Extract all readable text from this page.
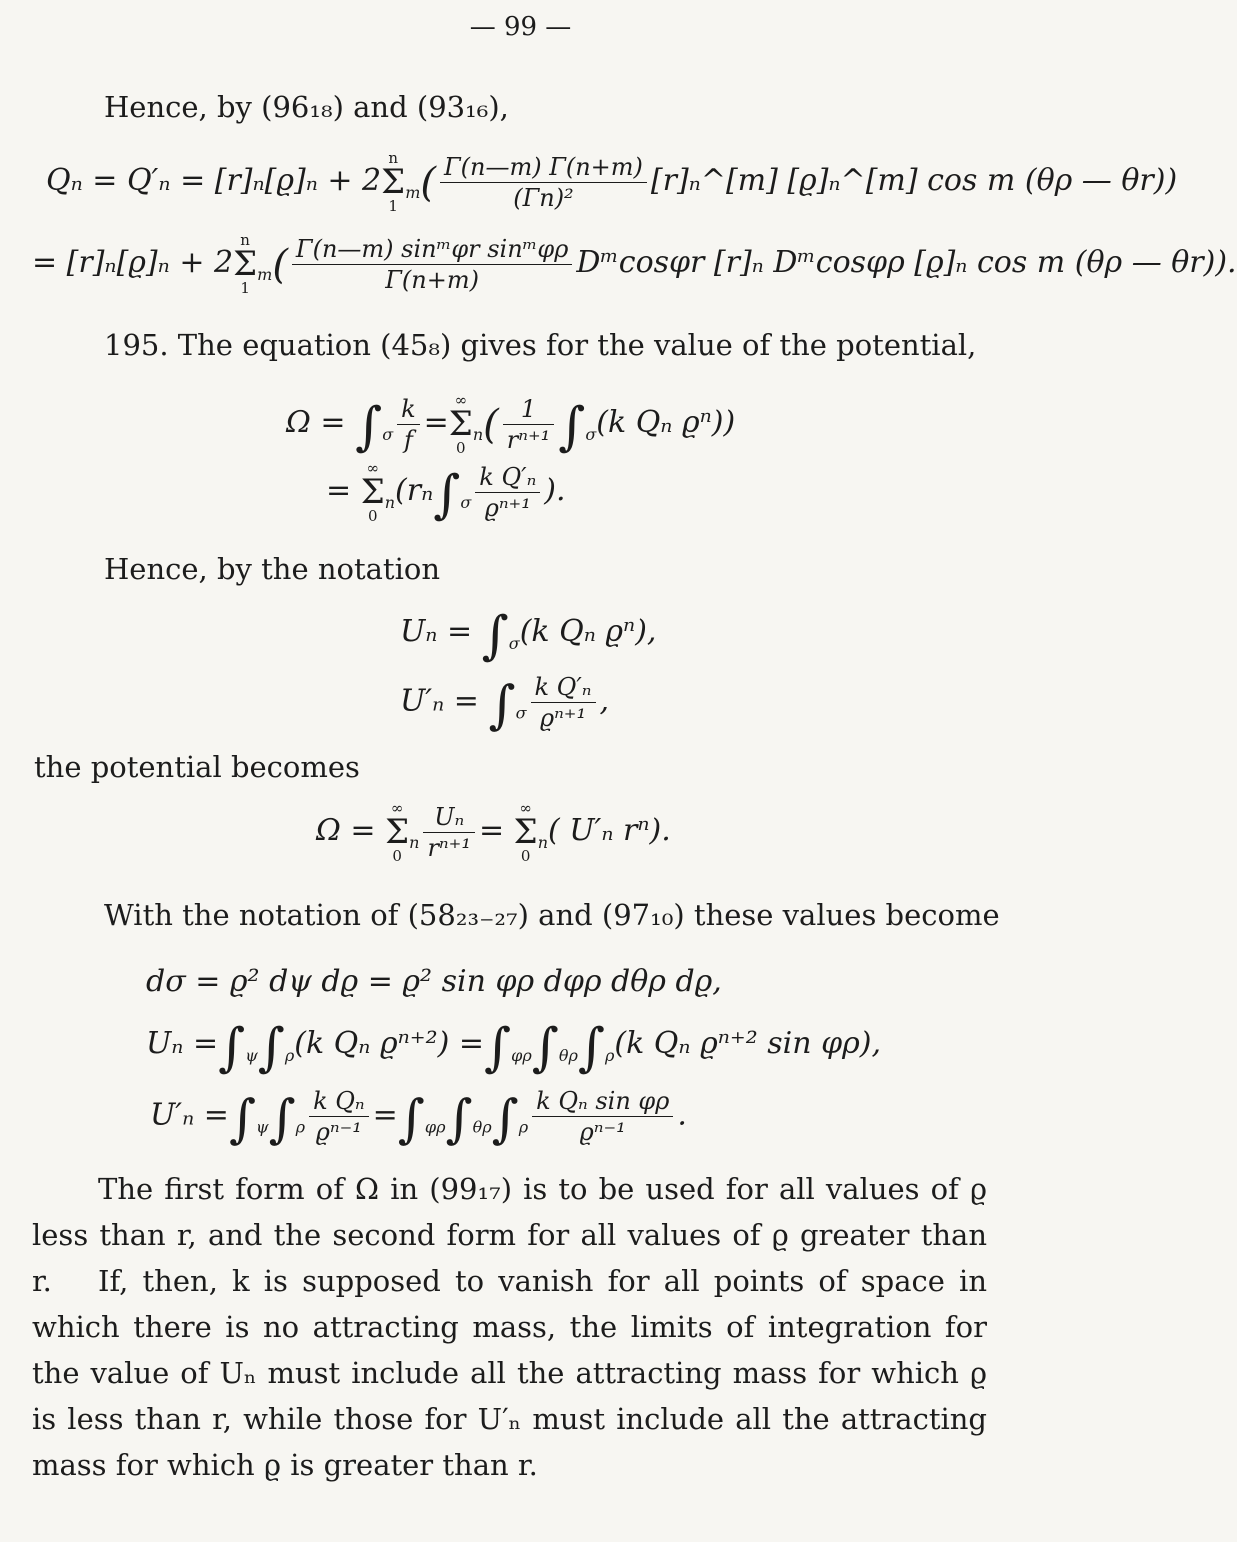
— 99 —
Hence, by (96₁₈) and (93₁₆),
Qₙ = Q′ₙ = [r]ₙ[ϱ]ₙ + 2
n
Σ
1
$_m( \frac{\Gamma(n—m) \Gamma(n+m)}{\text{(Γn)²}}$ [r]ₙ^[m] [ϱ]ₙ^[m] cos m (θρ — θr))
= [r]ₙ[ϱ]ₙ + 2
n
Σ
1
$_m( \frac{\text{Γ(n—m) sinᵐφr sinᵐφρ}}{\Gamma(n+m)}$ Dᵐcosφr [r]ₙ Dᵐcosφρ [ϱ]ₙ cos m (θρ — θr)).
195. The equation (45₈) gives for the value of the potential,
$\Omega = \int_\sigma \frac{k}{f}$ =
∞
Σ
0
$_n( \frac{1}{\text{rⁿ⁺¹}} \int_\sigma(k$ Qₙ ϱⁿ))
=
∞
Σ
0
$_n(r_n\int_\sigma \frac{\text{k Q′ₙ}}{\text{ϱⁿ⁺¹}}$ ).
Hence, by the notation
$U_n = \int_\sigma(k$ Qₙ ϱⁿ),
$U'_n = \int_\sigma \frac{\text{k Q′ₙ}}{\text{ϱⁿ⁺¹}}$ ,
the potential becomes
Ω =
∞
Σ
0
$_n \frac{\text{Uₙ}}{\text{rⁿ⁺¹}}$ =
∞
Σ
0
$_n$( U′ₙ rⁿ).
With the notation of (58₂₃₋₂₇) and (97₁₀) these values become
dσ = ϱ² dψ dϱ = ϱ² sin φρ dφρ dθρ dϱ,
$U_n =\int_\psi\int_\rho(k$ Qₙ $ϱ^{n+2}) =\int_{\varphi\rho}\int_{\theta\rho}\int_\rho(k$ Qₙ ϱⁿ⁺² sin φρ),
$U'_n =\int_\psi\int_\rho \frac{\text{k Qₙ}}{\text{ϱⁿ⁻¹}} =\int_{\varphi\rho}\int_{\theta\rho}\int_\rho \frac{\text{k Qₙ sin φρ}}{\text{ϱⁿ⁻¹}}$ .
The first form of Ω in (99₁₇) is to be used for all values of ϱ less than r, and the second form for all values of ϱ greater than r.	If, then, k is supposed to vanish for all points of space in which there is no attracting mass, the limits of integration for the value of Uₙ must include all the attracting mass for which ϱ is less than r, while those for U′ₙ must include all the attracting mass for which ϱ is greater than r.
